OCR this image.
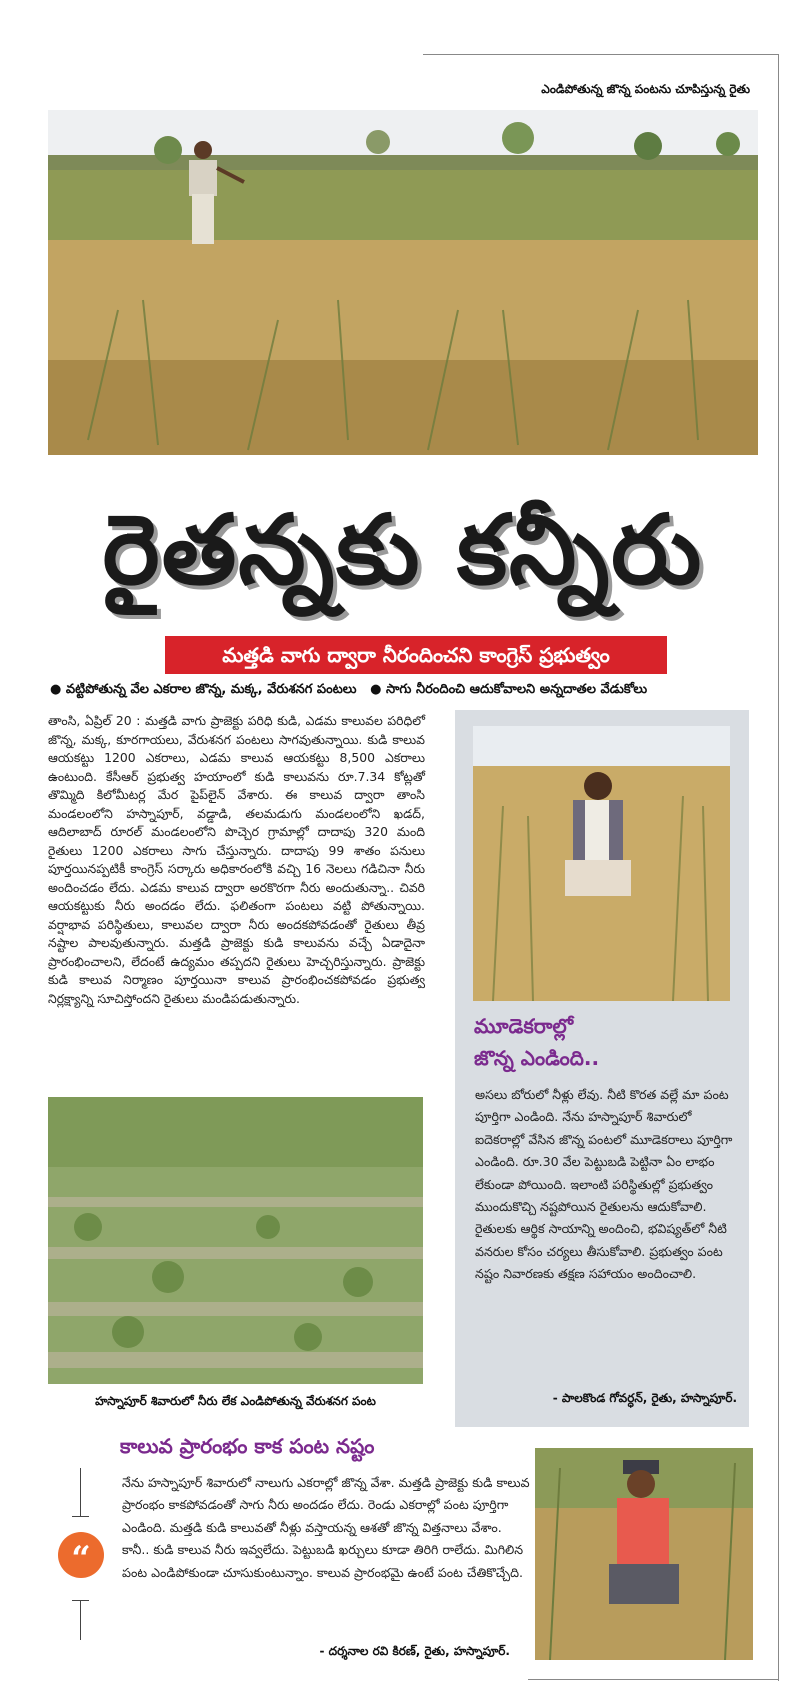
ఎండిపోతున్న జొన్న పంటను చూపిస్తున్న రైతు
రైతన్నకు కన్నీరు
మత్తడి వాగు ద్వారా నీరందించని కాంగ్రెస్ ప్రభుత్వం
● వట్టిపోతున్న వేల ఎకరాల జొన్న, మక్క, వేరుశనగ పంటలు ● సాగు నీరందించి ఆదుకోవాలని అన్నదాతల వేడుకోలు
తాంసి, ఏప్రిల్ 20 : మత్తడి వాగు ప్రాజెక్టు పరిధి కుడి, ఎడమ కాలువల పరిధిలో జొన్న, మక్క, కూరగాయలు, వేరుశనగ పంటలు సాగవుతున్నాయి. కుడి కాలువ ఆయకట్టు 1200 ఎకరాలు, ఎడమ కాలువ ఆయకట్టు 8,500 ఎకరాలు ఉంటుంది. కేసీఆర్ ప్రభుత్వ హయాంలో కుడి కాలువను రూ.7.34 కోట్లతో తొమ్మిది కిలోమీటర్ల మేర పైప్‌లైన్ వేశారు. ఈ కాలువ ద్వారా తాంసి మండలంలోని హస్నాపూర్, వడ్డాడి, తలమడుగు మండలంలోని ఖడద్, ఆదిలాబాద్ రూరల్ మండలంలోని పొచ్చెర గ్రామాల్లో దాదాపు 320 మంది రైతులు 1200 ఎకరాలు సాగు చేస్తున్నారు. దాదాపు 99 శాతం పనులు పూర్తయినప్పటికీ కాంగ్రెస్ సర్కారు అధికారంలోకి వచ్చి 16 నెలలు గడిచినా నీరు అందించడం లేదు. ఎడమ కాలువ ద్వారా అరకొరగా నీరు అందుతున్నా.. చివరి ఆయకట్టుకు నీరు అందడం లేదు. ఫలితంగా పంటలు వట్టి పోతున్నాయి. వర్షాభావ పరిస్థితులు, కాలువల ద్వారా నీరు అందకపోవడంతో రైతులు తీవ్ర నష్టాల పాలవుతున్నారు. మత్తడి ప్రాజెక్టు కుడి కాలువను వచ్చే ఏడాదైనా ప్రారంభించాలని, లేదంటే ఉద్యమం తప్పదని రైతులు హెచ్చరిస్తున్నారు. ప్రాజెక్టు కుడి కాలువ నిర్మాణం పూర్తయినా కాలువ ప్రారంభించకపోవడం ప్రభుత్వ నిర్లక్ష్యాన్ని సూచిస్తోందని రైతులు మండిపడుతున్నారు.
హస్నాపూర్ శివారులో నీరు లేక ఎండిపోతున్న వేరుశనగ పంట
మూడెకరాల్లో
జొన్న ఎండింది..
అసలు బోరులో నీళ్లు లేవు. నీటి కొరత వల్లే మా పంట పూర్తిగా ఎండింది. నేను హస్నాపూర్ శివారులో ఐదెకరాల్లో వేసిన జొన్న పంటలో మూడెకరాలు పూర్తిగా ఎండింది. రూ.30 వేల పెట్టుబడి పెట్టినా ఏం లాభం లేకుండా పోయింది. ఇలాంటి పరిస్థితుల్లో ప్రభుత్వం ముందుకొచ్చి నష్టపోయిన రైతులను ఆదుకోవాలి. రైతులకు ఆర్థిక సాయాన్ని అందించి, భవిష్యత్‌లో నీటి వనరుల కోసం చర్యలు తీసుకోవాలి. ప్రభుత్వం పంట నష్టం నివారణకు తక్షణ సహాయం అందించాలి.
- పాలకొండ గోవర్ధన్, రైతు, హస్నాపూర్.
కాలువ ప్రారంభం కాక పంట నష్టం
“
నేను హస్నాపూర్ శివారులో నాలుగు ఎకరాల్లో జొన్న వేశా. మత్తడి ప్రాజెక్టు కుడి కాలువ ప్రారంభం కాకపోవడంతో సాగు నీరు అందడం లేదు. రెండు ఎకరాల్లో పంట పూర్తిగా ఎండింది. మత్తడి కుడి కాలువతో నీళ్లు వస్తాయన్న ఆశతో జొన్న విత్తనాలు వేశాం. కానీ.. కుడి కాలువ నీరు ఇవ్వలేదు. పెట్టుబడి ఖర్చులు కూడా తిరిగి రాలేదు. మిగిలిన పంట ఎండిపోకుండా చూసుకుంటున్నాం. కాలువ ప్రారంభమై ఉంటే పంట చేతికొచ్చేది.
- దర్శనాల రవి కిరణ్, రైతు, హస్నాపూర్.
